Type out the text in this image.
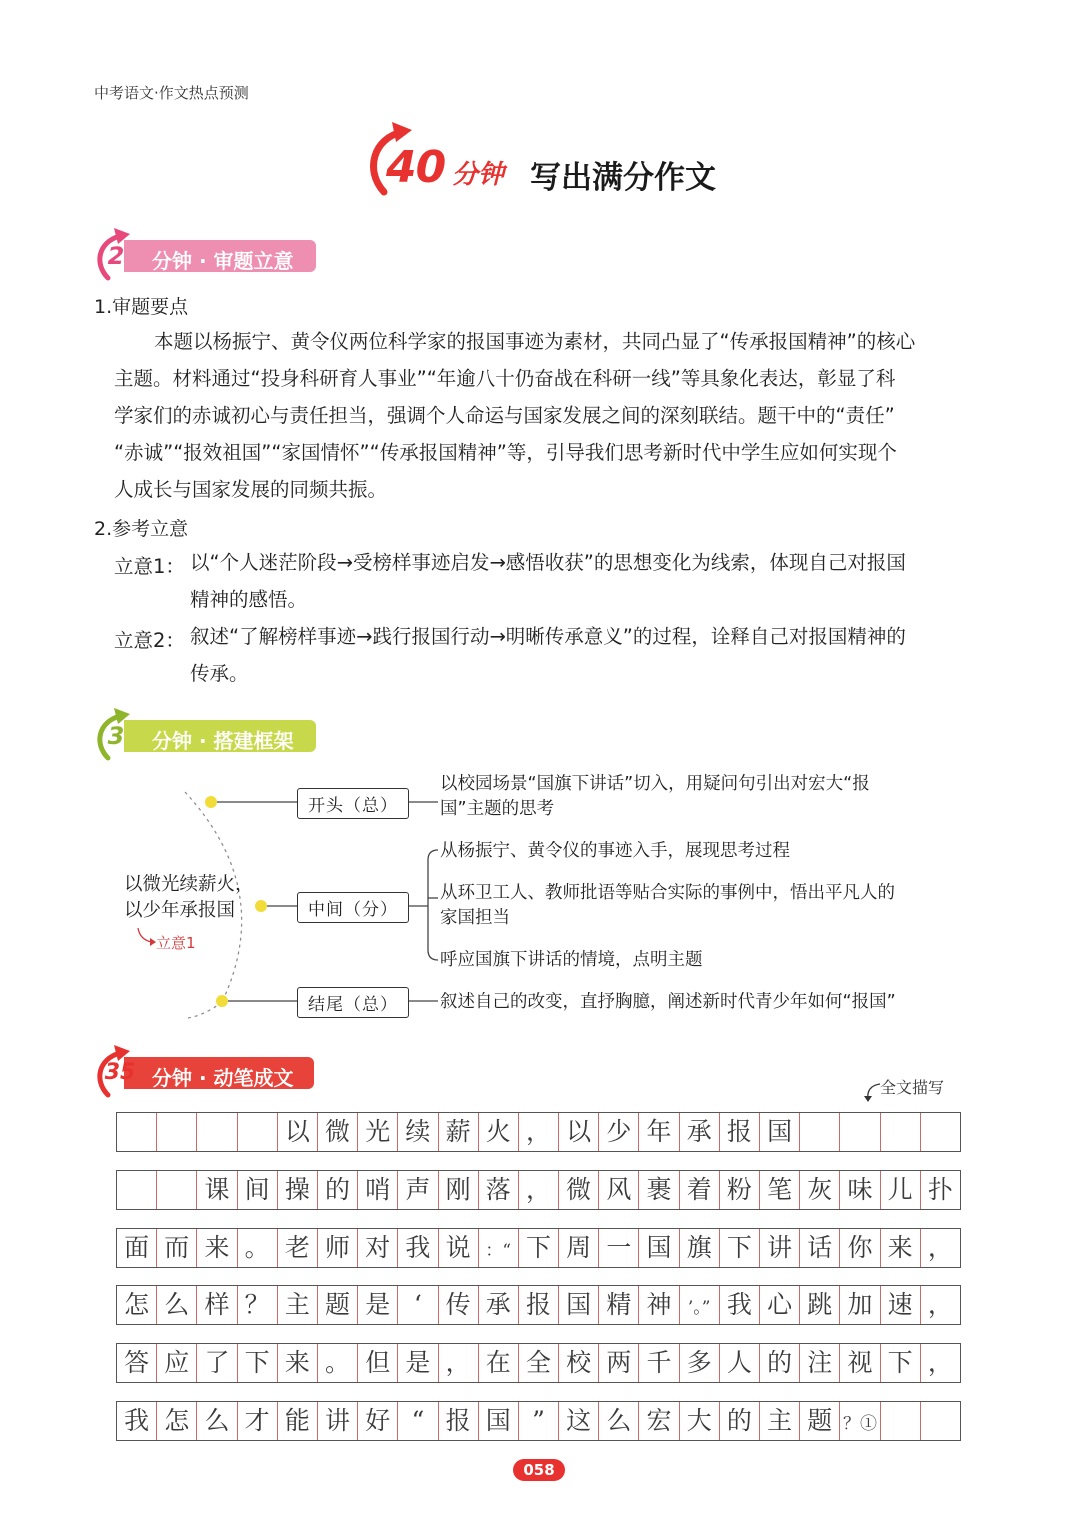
中考语文·作文热点预测
40 分钟 写出满分作文
2	分钟 · 审题立意
1.审题要点
本题以杨振宁、黄令仪两位科学家的报国事迹为素材，共同凸显了“传承报国精神”的核心
主题。材料通过“投身科研育人事业”“年逾八十仍奋战在科研一线”等具象化表达，彰显了科
学家们的赤诚初心与责任担当，强调个人命运与国家发展之间的深刻联结。题干中的“责任”
“赤诚”“报效祖国”“家国情怀”“传承报国精神”等，引导我们思考新时代中学生应如何实现个
人成长与国家发展的同频共振。
2.参考立意
立意1： 以“个人迷茫阶段→受榜样事迹启发→感悟收获”的思想变化为线索，体现自己对报国
精神的感悟。
立意2： 叙述“了解榜样事迹→践行报国行动→明晰传承意义”的过程，诠释自己对报国精神的
传承。
3	分钟 · 搭建框架
以微光续薪火，
以少年承报国
立意1
开头（总）
以校园场景“国旗下讲话”切入，用疑问句引出对宏大“报
国”主题的思考
中间（分）
从杨振宁、黄令仪的事迹入手，展现思考过程
从环卫工人、教师批语等贴合实际的事例中，悟出平凡人的
家国担当
呼应国旗下讲话的情境，点明主题
结尾（总）	叙述自己的改变，直抒胸臆，阐述新时代青少年如何“报国”
35 分钟 · 动笔成文	全文描写
以 微 光 续 薪 火 ， 以 少 年 承 报 国
课 间 操 的 哨 声 刚 落 ， 微 风 裹 着 粉 笔 灰 味 儿 扑
面 而 来 。 老 师 对 我 说 ：“ 下 周 一 国 旗 下 讲 话 你 来 ，
怎 么 样 ？ 主 题 是 ‘ 传 承 报 国 精 神 ’。” 我 心 跳 加 速 ，
答 应 了 下 来 。 但 是 ， 在 全 校 两 千 多 人 的 注 视 下 ，
我 怎 么 才 能 讲 好 “ 报 国 ” 这 么 宏 大 的 主 题 ？①
058
